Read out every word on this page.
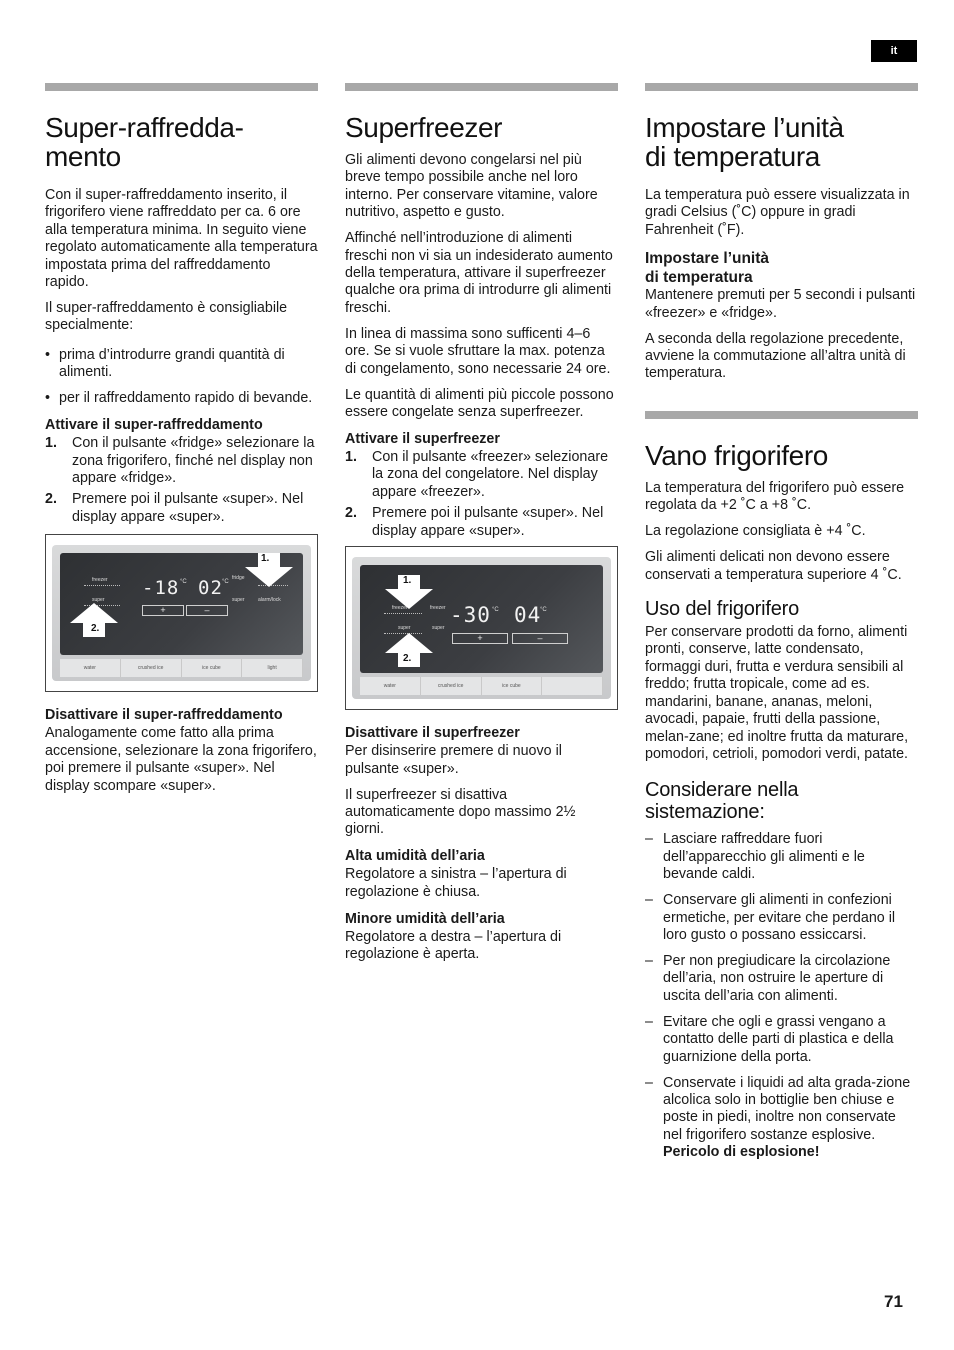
it
Super-raffredda-
mento

Con il super-raffreddamento inserito, il frigorifero viene raffreddato per ca. 6 ore alla temperatura minima. In seguito viene regolato automaticamente alla temperatura impostata prima del raffreddamento rapido.

Il super-raffreddamento è consigliabile specialmente:

• prima d’introdurre grandi quantità di alimenti.
• per il raffreddamento rapido di bevande.
Attivare il super-raffreddamento
1. Con il pulsante «fridge» selezionare la zona frigorifero, finché nel display non appare «fridge».
2. Premere poi il pulsante «super». Nel display appare «super».
freezer
super
-18 °C 02 °C
fridge	fridge
super	alarm/lock
+	–
1.
2.
water	crushed ice	ice cube	light
Disattivare il super-raffreddamento

Analogamente come fatto alla prima accensione, selezionare la zona frigorifero, poi premere il pulsante «super». Nel display scompare «super».

Superfreezer

Gli alimenti devono congelarsi nel più breve tempo possibile anche nel loro interno. Per conservare vitamine, valore nutritivo, aspetto e gusto.

Affinché nell’introduzione di alimenti freschi non vi sia un indesiderato aumento della temperatura, attivare il superfreezer qualche ora prima di introdurre gli alimenti freschi.

In linea di massima sono sufficenti 4–6 ore. Se si vuole sfruttare la max. potenza di congelamento, sono necessarie 24 ore.

Le quantità di alimenti più piccole possono essere congelate senza superfreezer.

Attivare il superfreezer
1. Con il pulsante «freezer» selezionare la zona del congelatore. Nel display appare «freezer».
2. Premere poi il pulsante «super». Nel display appare «super».
freezer	freezer
super	super
-30 °C 04
°C
+	–
1.
2.
water	crushed ice	ice cube
Disattivare il superfreezer

Per disinserire premere di nuovo il pulsante «super».

Il superfreezer si disattiva automaticamente dopo massimo 2½ giorni.

Alta umidità dell’aria

Regolatore a sinistra – l’apertura di regolazione è chiusa.

Minore umidità dell’aria

Regolatore a destra – l’apertura di regolazione è aperta.

Impostare l’unità
di temperatura

La temperatura può essere visualizzata in gradi Celsius (˚C) oppure in gradi Fahrenheit (˚F).

Impostare l’unità
di temperatura

Mantenere premuti per 5 secondi i pulsanti «freezer» e «fridge».

A seconda della regolazione precedente, avviene la commutazione all’altra unità di temperatura.

Vano frigorifero

La temperatura del frigorifero può essere regolata da +2 ˚C a +8 ˚C.

La regolazione consigliata è +4 ˚C.

Gli alimenti delicati non devono essere conservati a temperatura superiore 4 ˚C.

Uso del frigorifero

Per conservare prodotti da forno, alimenti pronti, conserve, latte condensato, formaggi duri, frutta e verdura sensibili al freddo; frutta tropicale, come ad es. mandarini, banane, ananas, meloni, avocadi, papaie, frutti della passione, melan-zane; ed inoltre frutta da maturare, pomodori, cetrioli, pomodori verdi, patate.

Considerare nella
sistemazione:
– Lasciare raffreddare fuori dell’apparecchio gli alimenti e le bevande caldi.
– Conservare gli alimenti in confezioni ermetiche, per evitare che perdano il loro gusto o possano essiccarsi.
– Per non pregiudicare la circolazione dell’aria, non ostruire le aperture di uscita dell’aria con alimenti.
– Evitare che ogli e grassi vengano a contatto delle parti di plastica e della guarnizione della porta.
– Conservate i liquidi ad alta grada-zione alcolica solo in bottiglie ben chiuse e poste in piedi, inoltre non conservate nel frigorifero sostanze esplosive.
Pericolo di esplosione!
71
